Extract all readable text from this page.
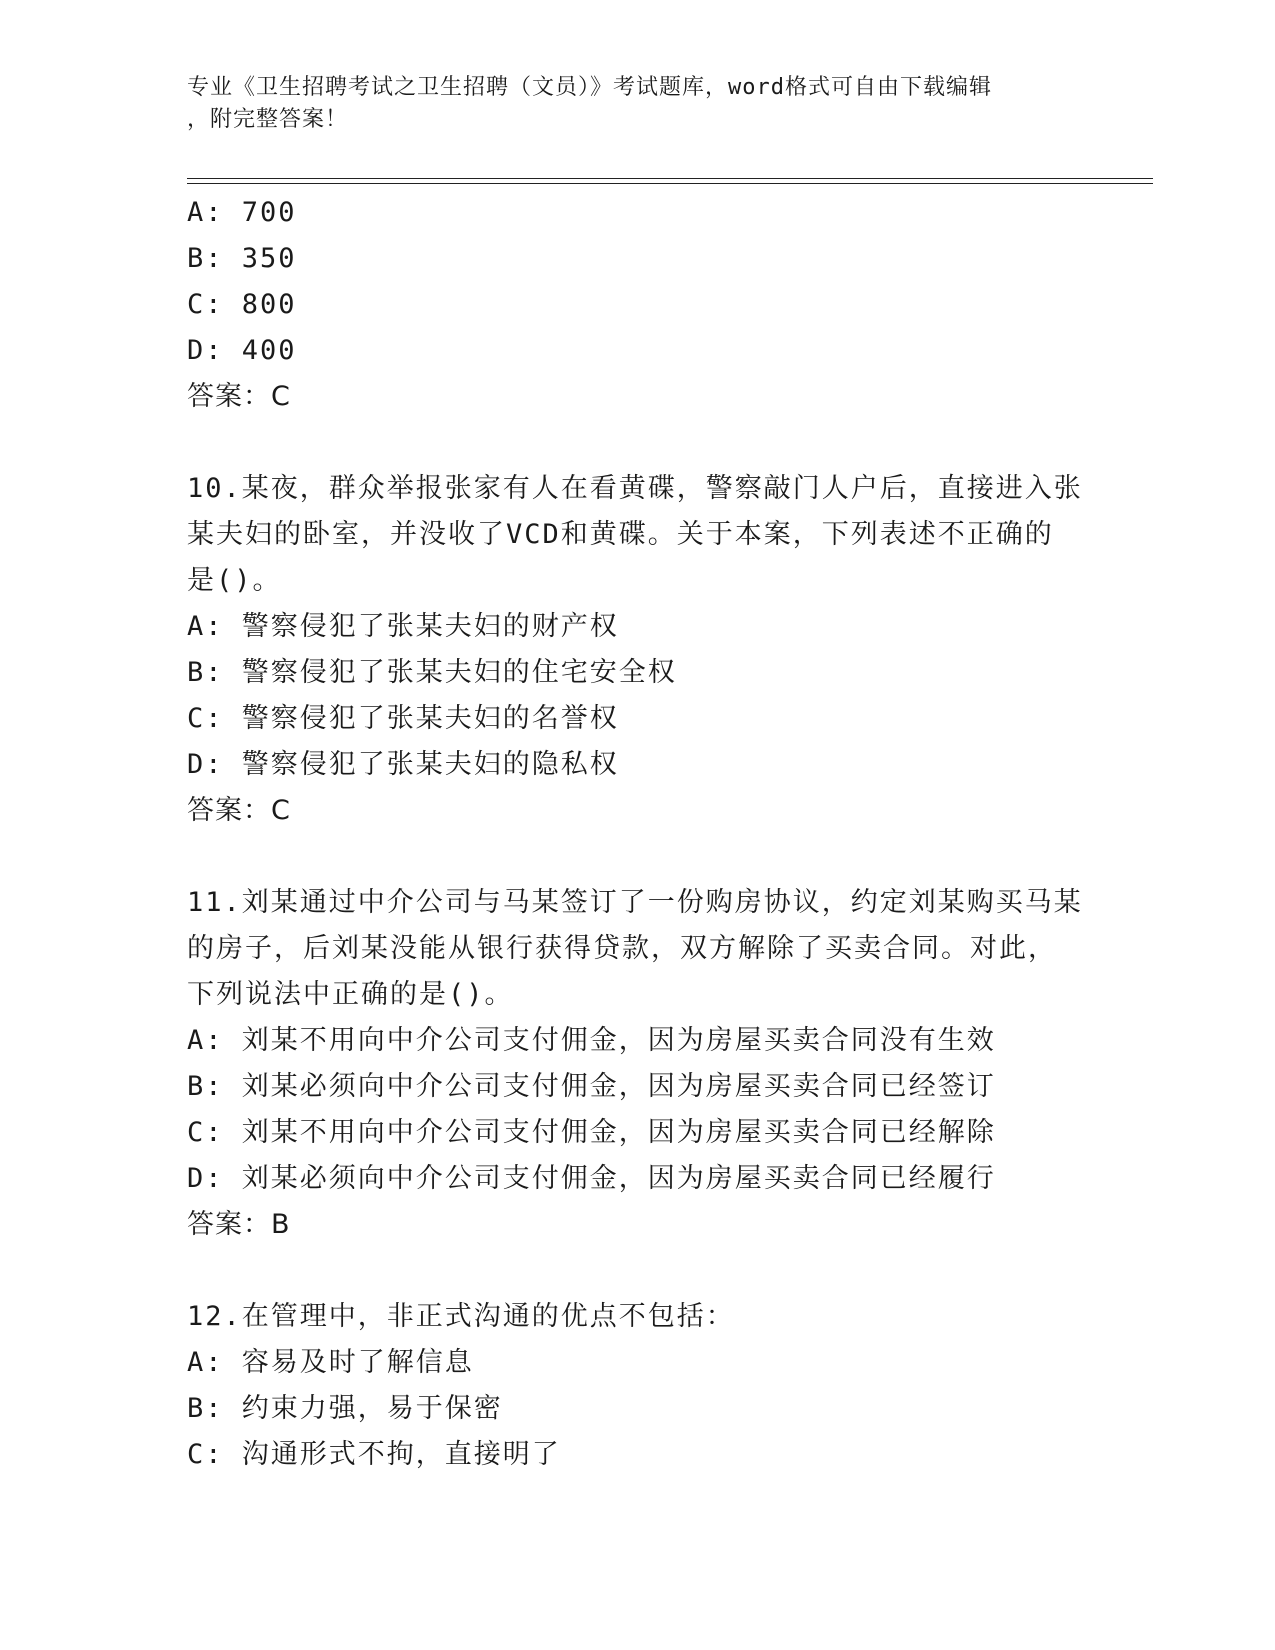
专业《卫生招聘考试之卫生招聘（文员）》考试题库，word格式可自由下载编辑
，附完整答案！
A: 700
B: 350
C: 800
D: 400
答案：C
10.某夜，群众举报张家有人在看黄碟，警察敲门人户后，直接进入张
某夫妇的卧室，并没收了VCD和黄碟。关于本案，下列表述不正确的
是()。
A: 警察侵犯了张某夫妇的财产权
B: 警察侵犯了张某夫妇的住宅安全权
C: 警察侵犯了张某夫妇的名誉权
D: 警察侵犯了张某夫妇的隐私权
答案：C
11.刘某通过中介公司与马某签订了一份购房协议，约定刘某购买马某
的房子，后刘某没能从银行获得贷款，双方解除了买卖合同。对此，
下列说法中正确的是()。
A: 刘某不用向中介公司支付佣金，因为房屋买卖合同没有生效
B: 刘某必须向中介公司支付佣金，因为房屋买卖合同已经签订
C: 刘某不用向中介公司支付佣金，因为房屋买卖合同已经解除
D: 刘某必须向中介公司支付佣金，因为房屋买卖合同已经履行
答案：B
12.在管理中，非正式沟通的优点不包括：
A: 容易及时了解信息
B: 约束力强，易于保密
C: 沟通形式不拘，直接明了
